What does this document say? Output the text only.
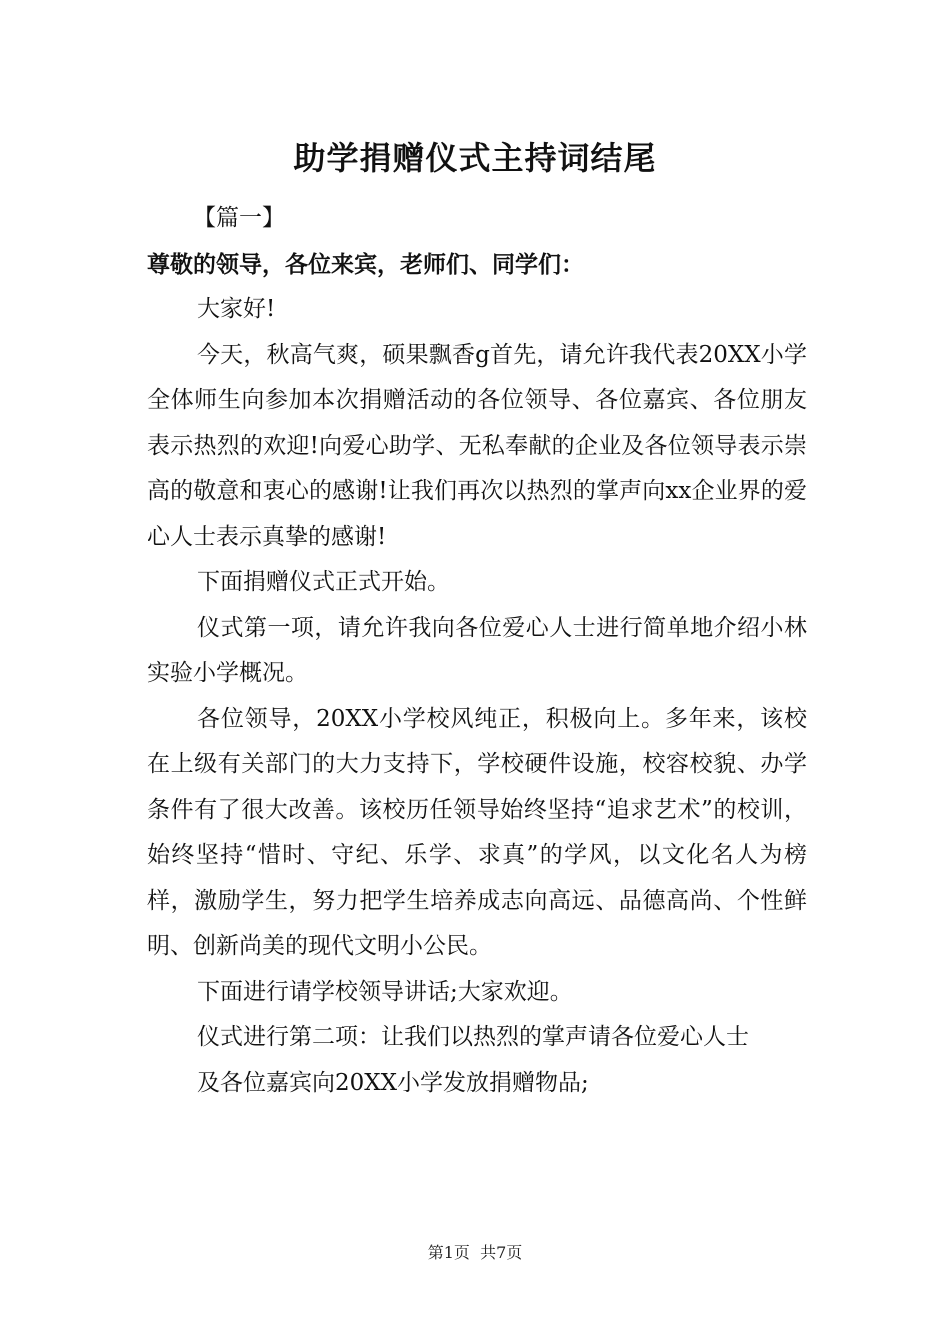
助学捐赠仪式主持词结尾

【篇一】

尊敬的领导，各位来宾，老师们、同学们：

大家好!

今天，秋高气爽，硕果飘香g首先，请允许我代表20XX小学全体师生向参加本次捐赠活动的各位领导、各位嘉宾、各位朋友表示热烈的欢迎!向爱心助学、无私奉献的企业及各位领导表示崇高的敬意和衷心的感谢!让我们再次以热烈的掌声向xx企业界的爱心人士表示真挚的感谢!

下面捐赠仪式正式开始。

仪式第一项，请允许我向各位爱心人士进行简单地介绍小林实验小学概况。

各位领导，20XX小学校风纯正，积极向上。多年来，该校在上级有关部门的大力支持下，学校硬件设施，校容校貌、办学条件有了很大改善。该校历任领导始终坚持“追求艺术”的校训，始终坚持“惜时、守纪、乐学、求真”的学风，以文化名人为榜样，激励学生，努力把学生培养成志向高远、品德高尚、个性鲜明、创新尚美的现代文明小公民。

下面进行请学校领导讲话;大家欢迎。

仪式进行第二项：让我们以热烈的掌声请各位爱心人士

及各位嘉宾向20XX小学发放捐赠物品;

第1页 共7页
